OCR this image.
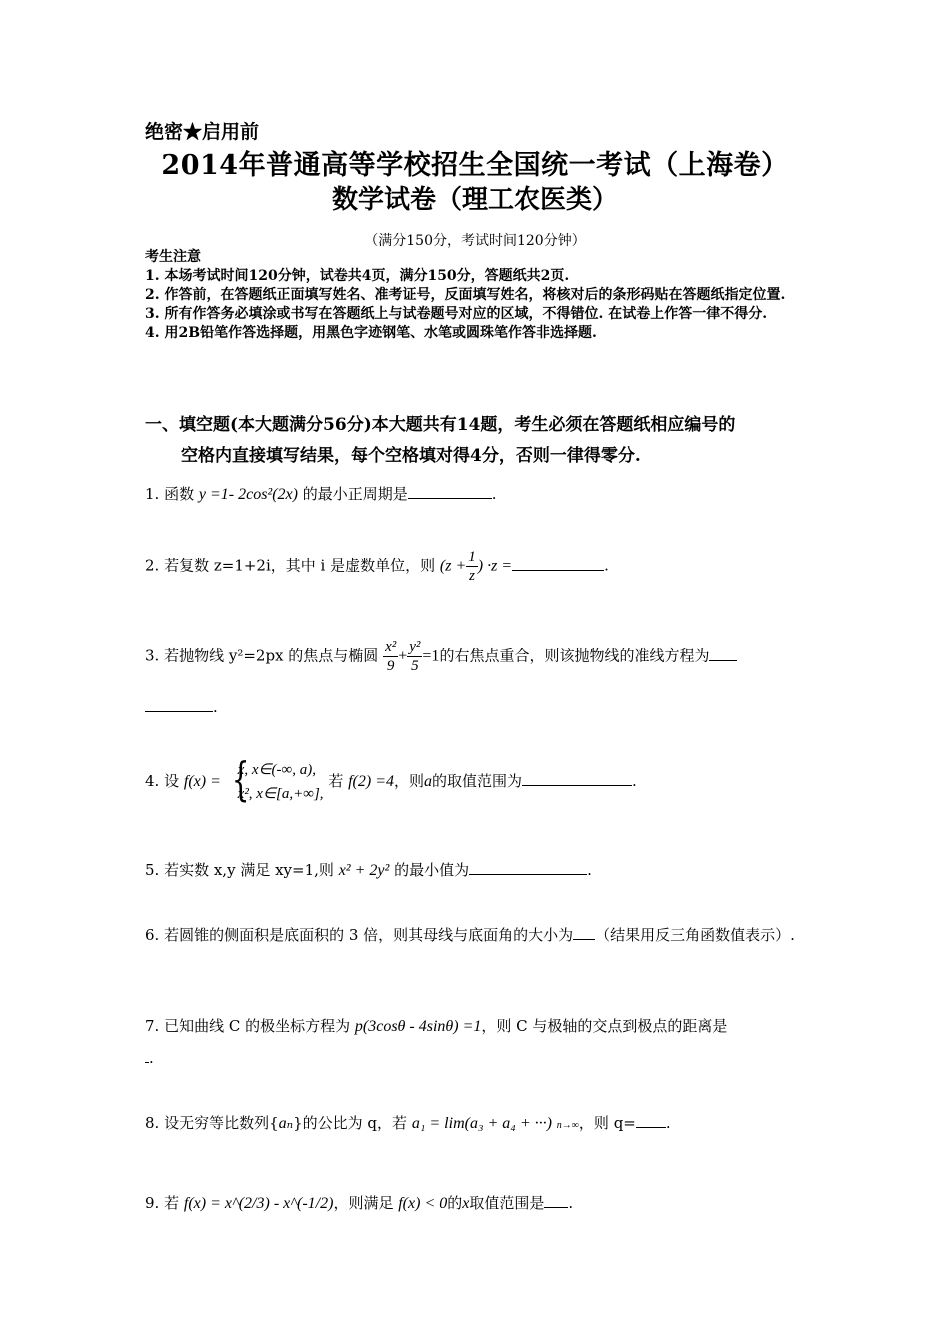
绝密★启用前
2014年普通高等学校招生全国统一考试（上海卷）
数学试卷（理工农医类）
（满分150分，考试时间120分钟）
考生注意
1. 本场考试时间120分钟，试卷共4页，满分150分，答题纸共2页.
2. 作答前，在答题纸正面填写姓名、准考证号，反面填写姓名，将核对后的条形码贴在答题纸指定位置.
3. 所有作答务必填涂或书写在答题纸上与试卷题号对应的区域，不得错位. 在试卷上作答一律不得分.
4. 用2B铅笔作答选择题，用黑色字迹钢笔、水笔或圆珠笔作答非选择题.
一、填空题(本大题满分56分)本大题共有14题，考生必须在答题纸相应编号的
空格内直接填写结果，每个空格填对得4分，否则一律得零分.
1. 函数 y =1- 2cos²(2x) 的最小正周期是	.
2. 若复数 z=1+2i，其中 i 是虚数单位，则 ($z + \frac{1}{z}$ ) ·z =	.
3. 若抛物线 y²=2px 的焦点与椭圆 $\frac{\text{x²}}{9} + \frac{\text{y²}}{5} =1$的右焦点重合，则该抛物线的准线方程为
.
4. 设 f(x) = {
x, x∈(-∞, a),
x², x∈[a,+∞],
若 f(2) =4，则a的取值范围为	.
5. 若实数 x,y 满足 xy=1,则 x² + 2y² 的最小值为	.
6. 若圆锥的侧面积是底面积的 3 倍，则其母线与底面角的大小为 （结果用反三角函数值表示）.
7. 已知曲线 C 的极坐标方程为 p(3cosθ - 4sinθ) =1，则 C 与极轴的交点到极点的距离是
.
8. 设无穷等比数列{aₙ}的公比为 q，若 a₁ = lim(a₃ + a₄ + ···) n→∞，则 q= .
9. 若 f(x) = x^(2/3) - x^(-1/2)，则满足 f(x) < 0的x取值范围是 .
